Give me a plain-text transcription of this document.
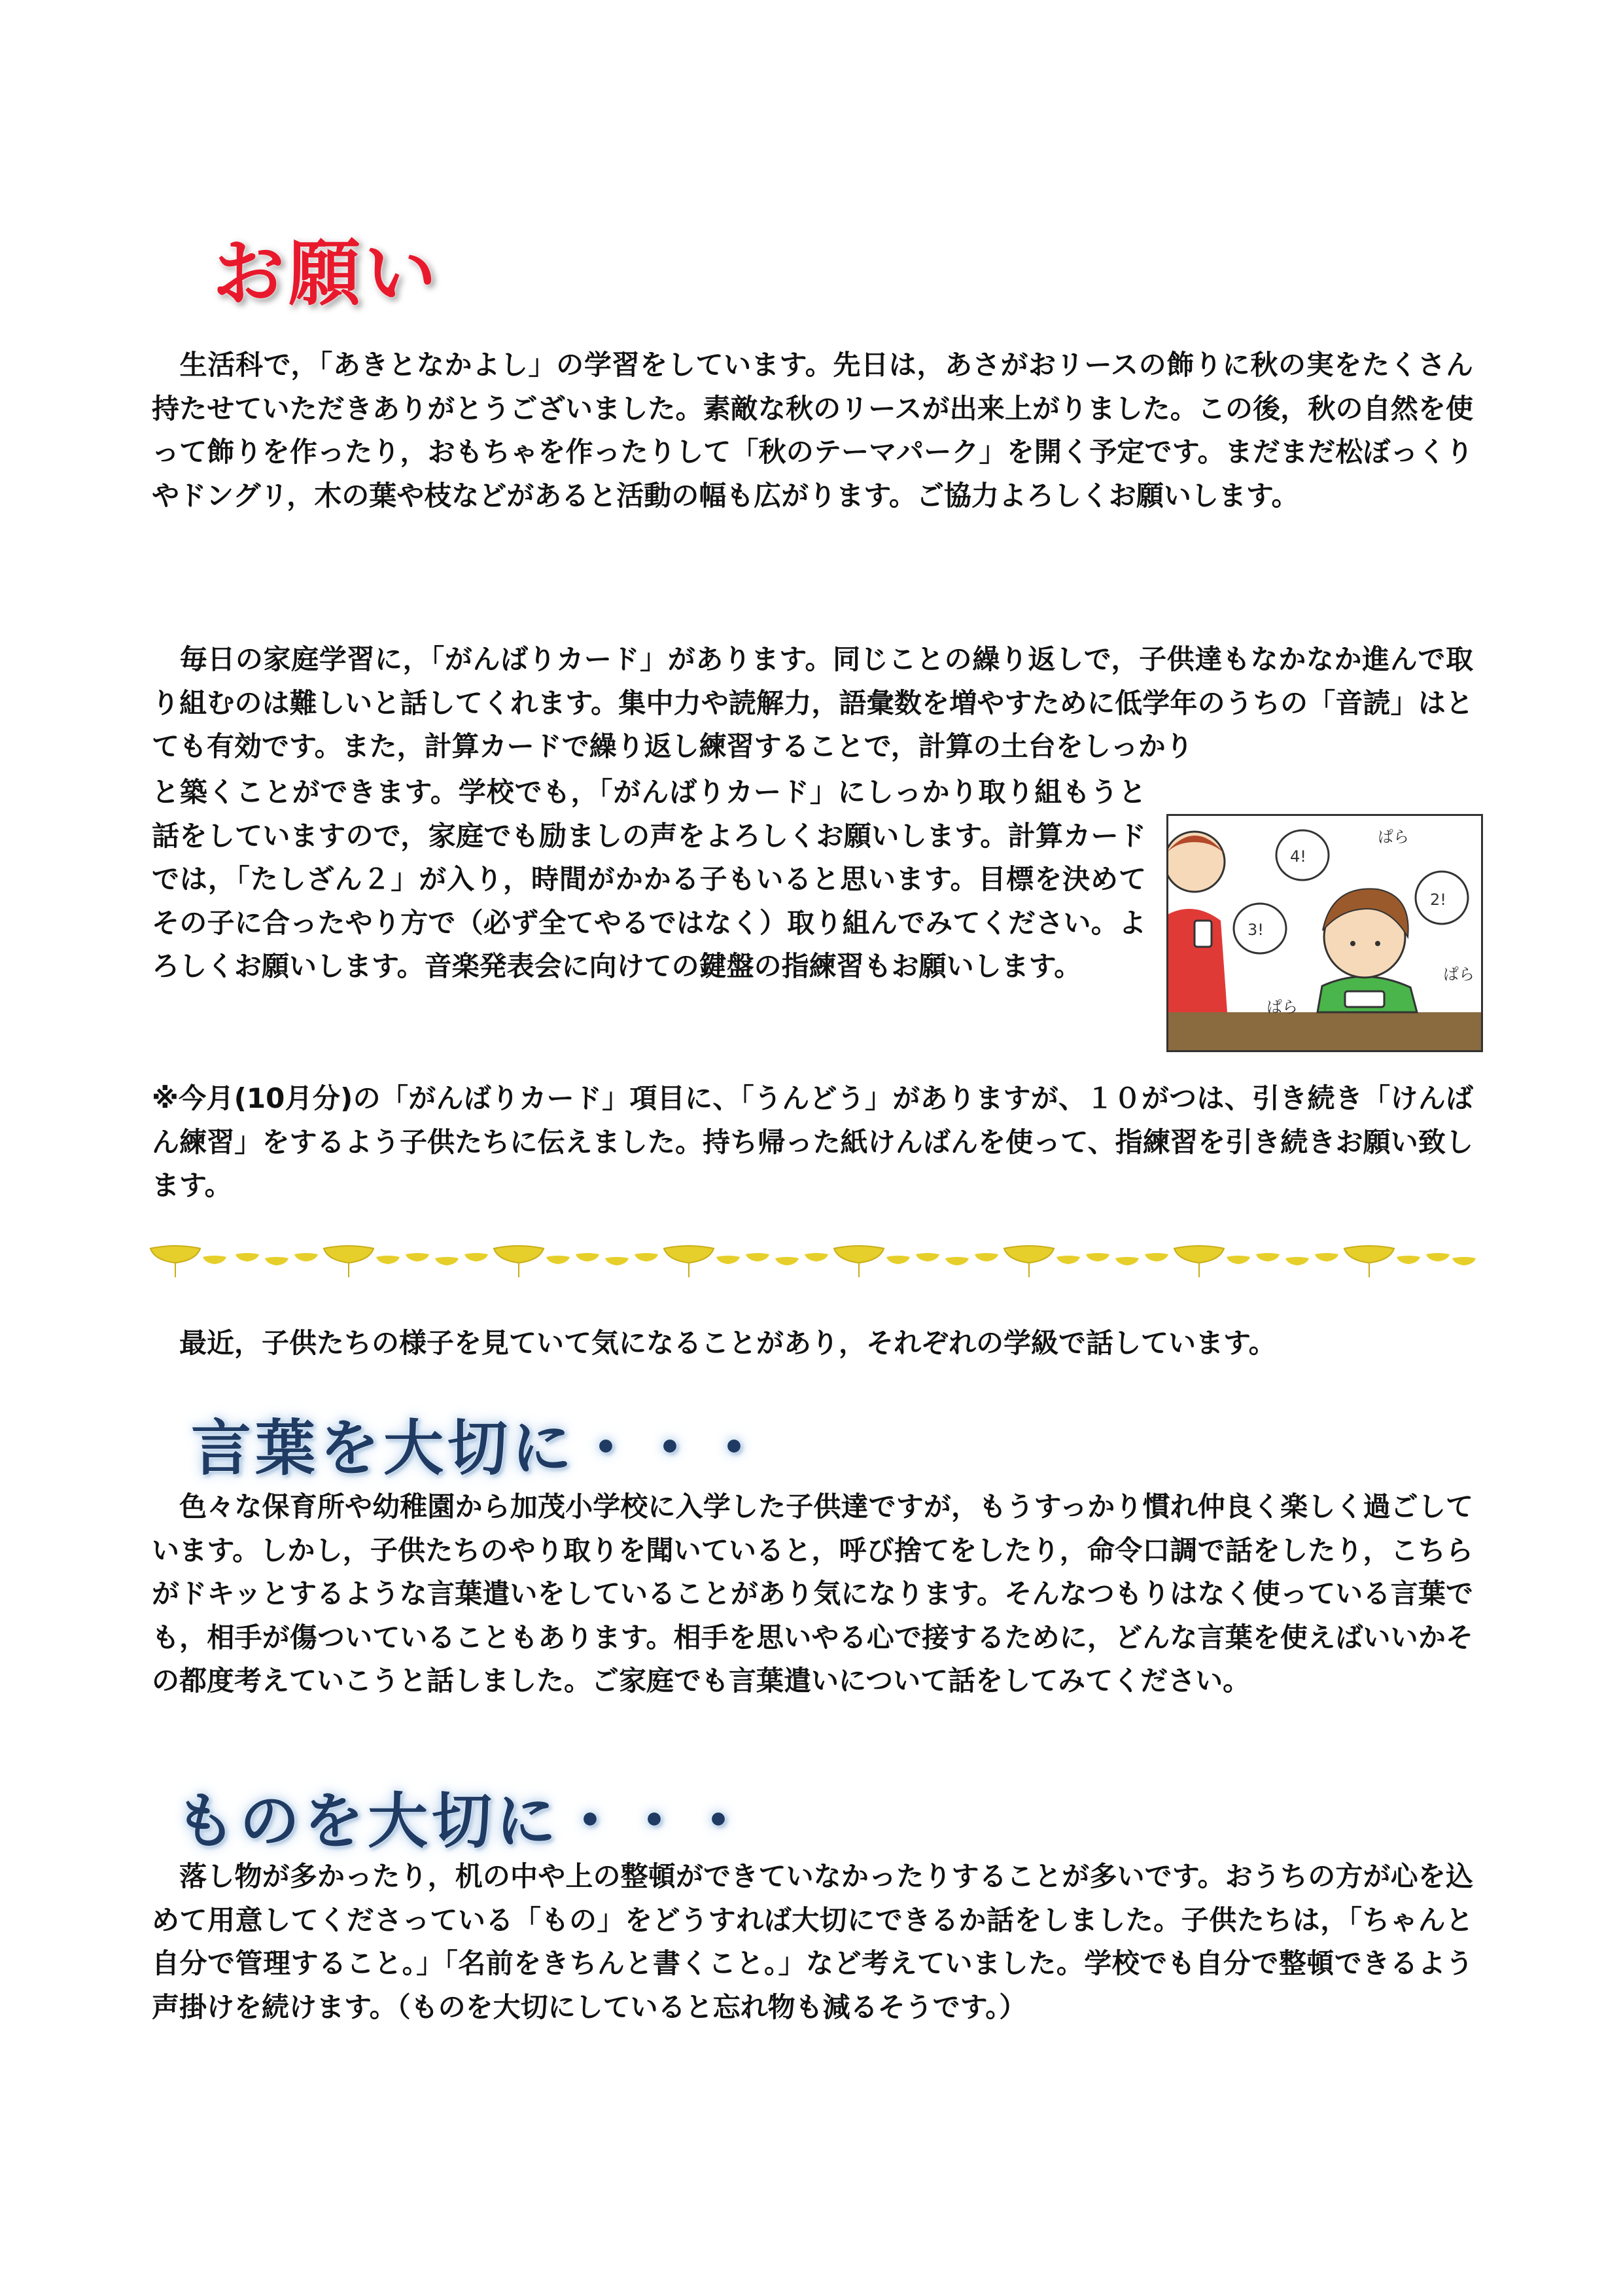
お願い

生活科で，「あきとなかよし」の学習をしています。先日は，あさがおリースの飾りに秋の実をたくさん持たせていただきありがとうございました。素敵な秋のリースが出来上がりました。この後，秋の自然を使って飾りを作ったり，おもちゃを作ったりして「秋のテーマパーク」を開く予定です。まだまだ松ぼっくりやドングリ，木の葉や枝などがあると活動の幅も広がります。ご協力よろしくお願いします。

毎日の家庭学習に，「がんばりカード」があります。同じことの繰り返しで，子供達もなかなか進んで取り組むのは難しいと話してくれます。集中力や読解力，語彙数を増やすために低学年のうちの「音読」はとても有効です。また，計算カードで繰り返し練習することで，計算の土台をしっかり

と築くことができます。学校でも，「がんばりカード」にしっかり取り組もうと話をしていますので，家庭でも励ましの声をよろしくお願いします。計算カードでは，「たしざん２」が入り，時間がかかる子もいると思います。目標を決めてその子に合ったやり方で（必ず全てやるではなく）取り組んでみてください。よろしくお願いします。音楽発表会に向けての鍵盤の指練習もお願いします。

4!
2!
3!
ぱら
ぱら
ぱら

※今月(10月分)の「がんばりカード」項目に、「うんどう」がありますが、１０がつは、引き続き「けんばん練習」をするよう子供たちに伝えました。持ち帰った紙けんばんを使って、指練習を引き続きお願い致します。

最近，子供たちの様子を見ていて気になることがあり，それぞれの学級で話しています。

言葉を大切に・・・

色々な保育所や幼稚園から加茂小学校に入学した子供達ですが，もうすっかり慣れ仲良く楽しく過ごしています。しかし，子供たちのやり取りを聞いていると，呼び捨てをしたり，命令口調で話をしたり，こちらがドキッとするような言葉遣いをしていることがあり気になります。そんなつもりはなく使っている言葉でも，相手が傷ついていることもあります。相手を思いやる心で接するために，どんな言葉を使えばいいかその都度考えていこうと話しました。ご家庭でも言葉遣いについて話をしてみてください。

ものを大切に・・・

落し物が多かったり，机の中や上の整頓ができていなかったりすることが多いです。おうちの方が心を込めて用意してくださっている「もの」をどうすれば大切にできるか話をしました。子供たちは，「ちゃんと自分で管理すること。」「名前をきちんと書くこと。」など考えていました。学校でも自分で整頓できるよう声掛けを続けます。（ものを大切にしていると忘れ物も減るそうです。）
